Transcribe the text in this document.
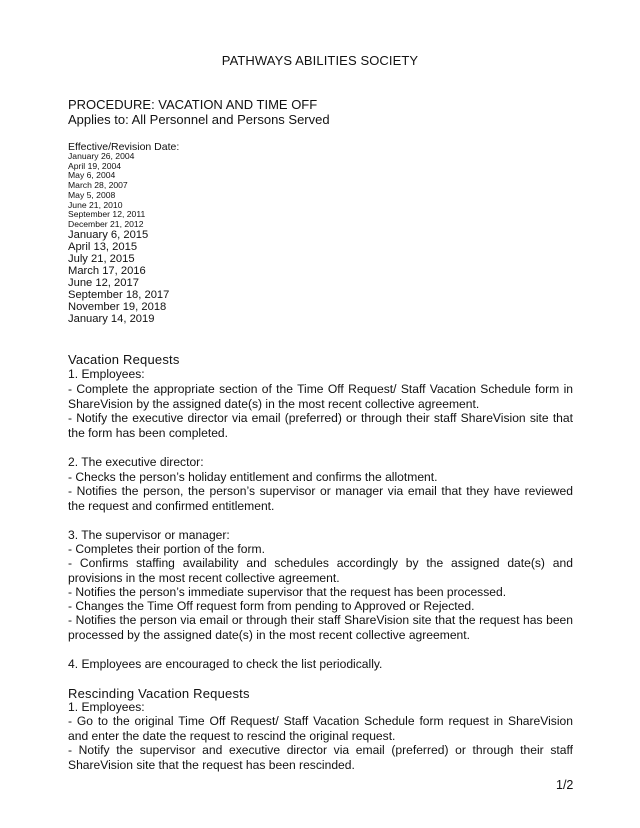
PATHWAYS ABILITIES SOCIETY
PROCEDURE: VACATION AND TIME OFF
Applies to: All Personnel and Persons Served
Effective/Revision Date:
January 26, 2004
April 19, 2004
May 6, 2004
March 28, 2007
May 5, 2008
June 21, 2010
September 12, 2011
December 21, 2012
January 6, 2015
April 13, 2015
July 21, 2015
March 17, 2016
June 12, 2017
September 18, 2017
November 19, 2018
January 14, 2019
Vacation Requests
1. Employees:
- Complete the appropriate section of the Time Off Request/ Staff Vacation Schedule form in ShareVision by the assigned date(s) in the most recent collective agreement.
- Notify the executive director via email (preferred) or through their staff ShareVision site that the form has been completed.
2. The executive director:
- Checks the person’s holiday entitlement and confirms the allotment.
- Notifies the person, the person’s supervisor or manager via email that they have reviewed the request and confirmed entitlement.
3. The supervisor or manager:
- Completes their portion of the form.
- Confirms staffing availability and schedules accordingly by the assigned date(s) and provisions in the most recent collective agreement.
- Notifies the person’s immediate supervisor that the request has been processed.
- Changes the Time Off request form from pending to Approved or Rejected.
- Notifies the person via email or through their staff ShareVision site that the request has been processed by the assigned date(s) in the most recent collective agreement.
4. Employees are encouraged to check the list periodically.
Rescinding Vacation Requests
1. Employees:
- Go to the original Time Off Request/ Staff Vacation Schedule form request in ShareVision and enter the date the request to rescind the original request.
- Notify the supervisor and executive director via email (preferred) or through their staff ShareVision site that the request has been rescinded.
1/2
